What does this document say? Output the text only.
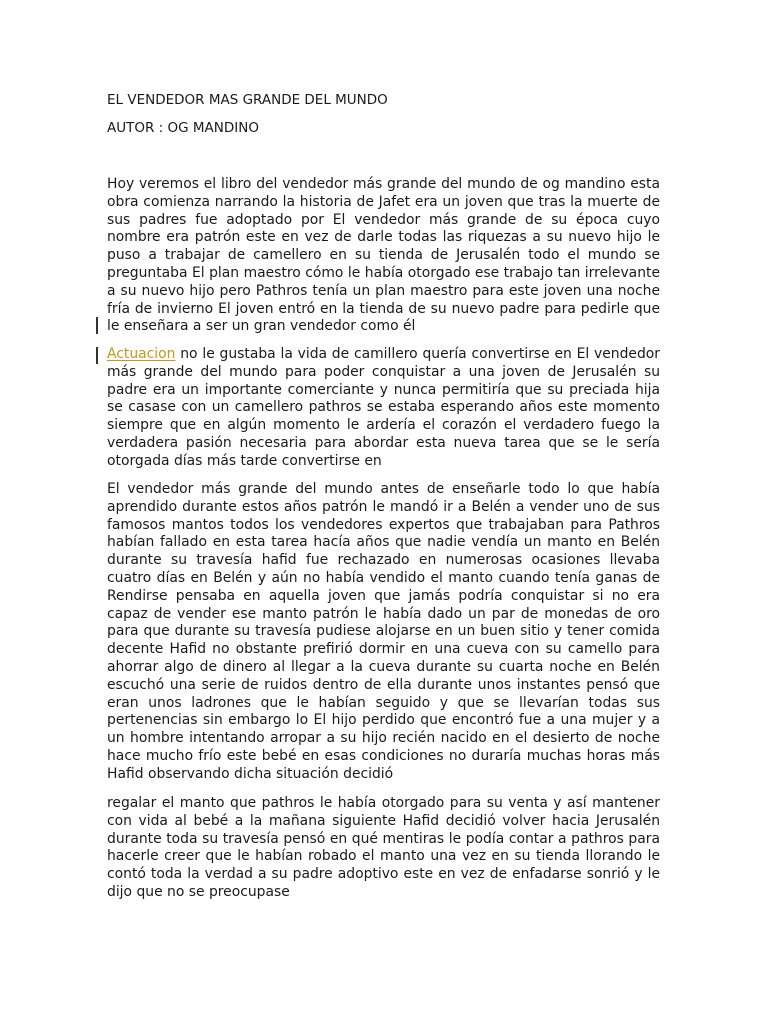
EL VENDEDOR MAS GRANDE DEL MUNDO

AUTOR : OG MANDINO

Hoy veremos el libro del vendedor más grande del mundo de og mandino esta obra comienza narrando la historia de Jafet era un joven que tras la muerte de sus padres fue adoptado por El vendedor más grande de su época cuyo nombre era patrón este en vez de darle todas las riquezas a su nuevo hijo le puso a trabajar de camellero en su tienda de Jerusalén todo el mundo se preguntaba El plan maestro cómo le había otorgado ese trabajo tan irrelevante a su nuevo hijo pero Pathros tenía un plan maestro para este joven una noche fría de invierno El joven entró en la tienda de su nuevo padre para pedirle que le enseñara a ser un gran vendedor como él

Actuacion no le gustaba la vida de camillero quería convertirse en El vendedor más grande del mundo para poder conquistar a una joven de Jerusalén su padre era un importante comerciante y nunca permitiría que su preciada hija se casase con un camellero pathros se estaba esperando años este momento siempre que en algún momento le ardería el corazón el verdadero fuego la verdadera pasión necesaria para abordar esta nueva tarea que se le sería otorgada días más tarde convertirse en

El vendedor más grande del mundo antes de enseñarle todo lo que había aprendido durante estos años patrón le mandó ir a Belén a vender uno de sus famosos mantos todos los vendedores expertos que trabajaban para Pathros habían fallado en esta tarea hacía años que nadie vendía un manto en Belén durante su travesía hafid fue rechazado en numerosas ocasiones llevaba cuatro días en Belén y aún no había vendido el manto cuando tenía ganas de Rendirse pensaba en aquella joven que jamás podría conquistar si no era capaz de vender ese manto patrón le había dado un par de monedas de oro para que durante su travesía pudiese alojarse en un buen sitio y tener comida decente Hafid no obstante prefirió dormir en una cueva con su camello para ahorrar algo de dinero al llegar a la cueva durante su cuarta noche en Belén escuchó una serie de ruidos dentro de ella durante unos instantes pensó que eran unos ladrones que le habían seguido y que se llevarían todas sus pertenencias sin embargo lo El hijo perdido que encontró fue a una mujer y a un hombre intentando arropar a su hijo recién nacido en el desierto de noche hace mucho frío este bebé en esas condiciones no duraría muchas horas más Hafid observando dicha situación decidió

regalar el manto que pathros le había otorgado para su venta y así mantener con vida al bebé a la mañana siguiente Hafid decidió volver hacia Jerusalén durante toda su travesía pensó en qué mentiras le podía contar a pathros para hacerle creer que le habían robado el manto una vez en su tienda llorando le contó toda la verdad a su padre adoptivo este en vez de enfadarse sonrió y le dijo que no se preocupase
